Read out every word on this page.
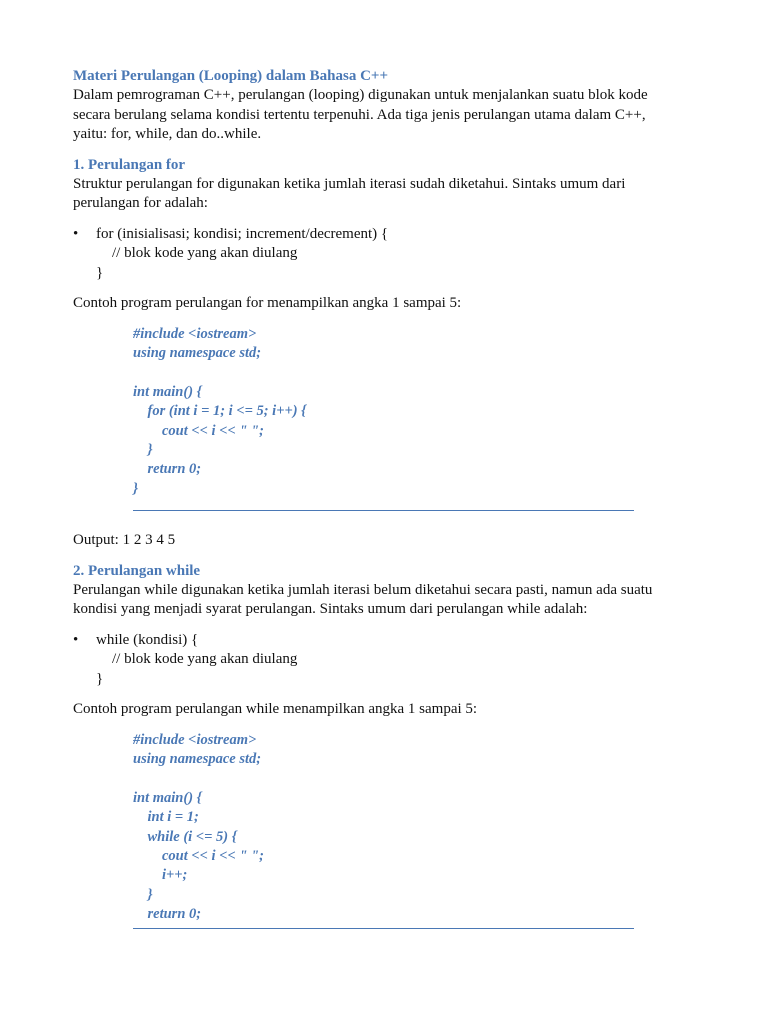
Materi Perulangan (Looping) dalam Bahasa C++

Dalam pemrograman C++, perulangan (looping) digunakan untuk menjalankan suatu blok kode

secara berulang selama kondisi tertentu terpenuhi. Ada tiga jenis perulangan utama dalam C++,

yaitu: for, while, dan do..while.

1. Perulangan for

Struktur perulangan for digunakan ketika jumlah iterasi sudah diketahui. Sintaks umum dari

perulangan for adalah:

• for (inisialisasi; kondisi; increment/decrement) {
// blok kode yang akan diulang
}

Contoh program perulangan for menampilkan angka 1 sampai 5:

#include <iostream>
using namespace std;
int main() {
for (int i = 1; i <= 5; i++) {
cout << i << " ";
}
return 0;
}

Output: 1 2 3 4 5

2. Perulangan while

Perulangan while digunakan ketika jumlah iterasi belum diketahui secara pasti, namun ada suatu

kondisi yang menjadi syarat perulangan. Sintaks umum dari perulangan while adalah:

• while (kondisi) {
// blok kode yang akan diulang
}

Contoh program perulangan while menampilkan angka 1 sampai 5:

#include <iostream>
using namespace std;
int main() {
int i = 1;
while (i <= 5) {
cout << i << " ";
i++;
}
return 0;
